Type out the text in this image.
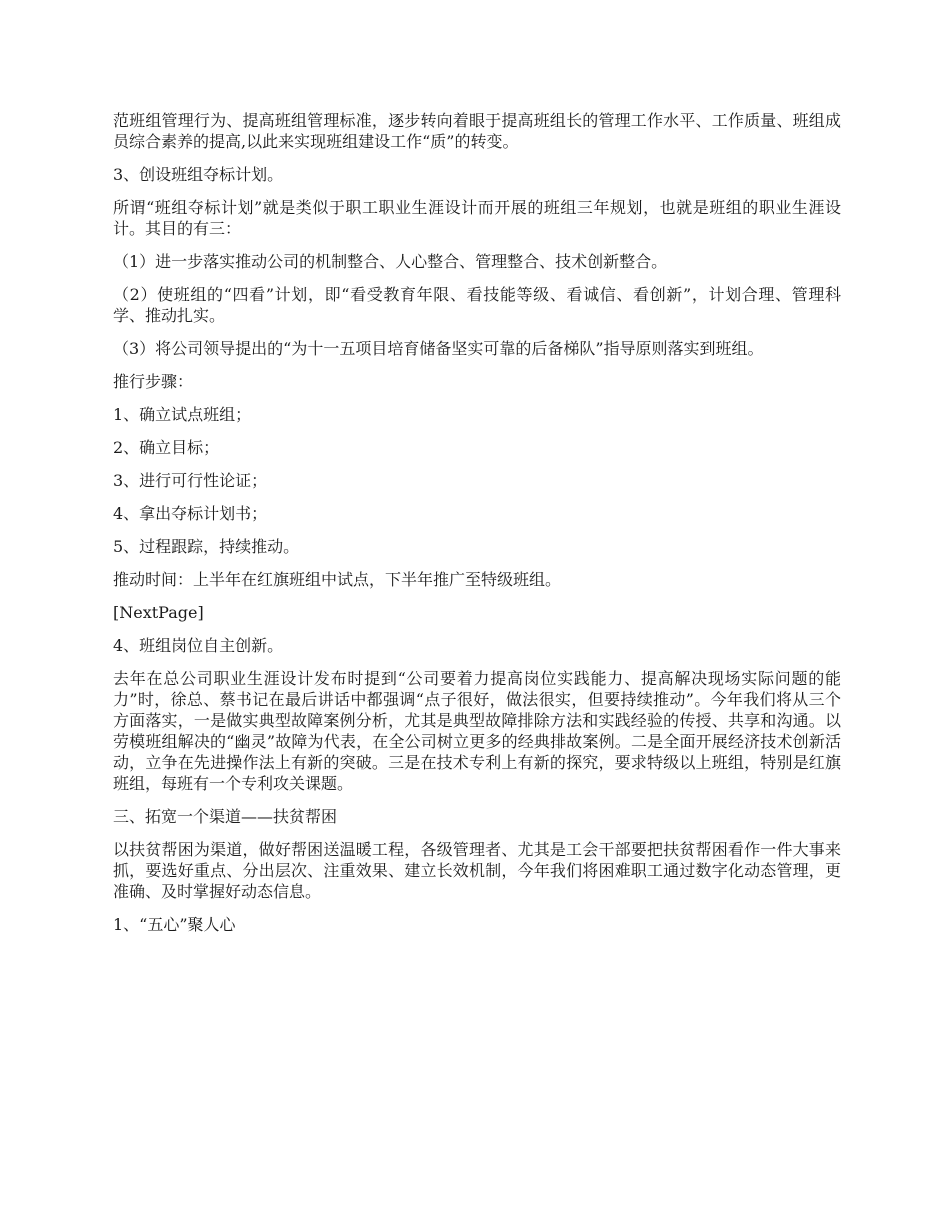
范班组管理行为、提高班组管理标准，逐步转向着眼于提高班组长的管理工作水平、工作质量、班组成员综合素养的提高,以此来实现班组建设工作“质”的转变。

3、创设班组夺标计划。

所谓“班组夺标计划”就是类似于职工职业生涯设计而开展的班组三年规划，也就是班组的职业生涯设计。其目的有三：

（1）进一步落实推动公司的机制整合、人心整合、管理整合、技术创新整合。

（2）使班组的“四看”计划，即“看受教育年限、看技能等级、看诚信、看创新”，计划合理、管理科学、推动扎实。

（3）将公司领导提出的“为十一五项目培育储备坚实可靠的后备梯队”指导原则落实到班组。

推行步骤：

1、确立试点班组；

2、确立目标；

3、进行可行性论证；

4、拿出夺标计划书；

5、过程跟踪，持续推动。

推动时间：上半年在红旗班组中试点，下半年推广至特级班组。

[NextPage]

4、班组岗位自主创新。

去年在总公司职业生涯设计发布时提到“公司要着力提高岗位实践能力、提高解决现场实际问题的能力”时，徐总、蔡书记在最后讲话中都强调“点子很好，做法很实，但要持续推动”。今年我们将从三个方面落实，一是做实典型故障案例分析，尤其是典型故障排除方法和实践经验的传授、共享和沟通。以劳模班组解决的“幽灵”故障为代表，在全公司树立更多的经典排故案例。二是全面开展经济技术创新活动，立争在先进操作法上有新的突破。三是在技术专利上有新的探究，要求特级以上班组，特别是红旗班组，每班有一个专利攻关课题。

三、拓宽一个渠道——扶贫帮困

以扶贫帮困为渠道，做好帮困送温暖工程，各级管理者、尤其是工会干部要把扶贫帮困看作一件大事来抓，要选好重点、分出层次、注重效果、建立长效机制，今年我们将困难职工通过数字化动态管理，更准确、及时掌握好动态信息。

1、“五心”聚人心
